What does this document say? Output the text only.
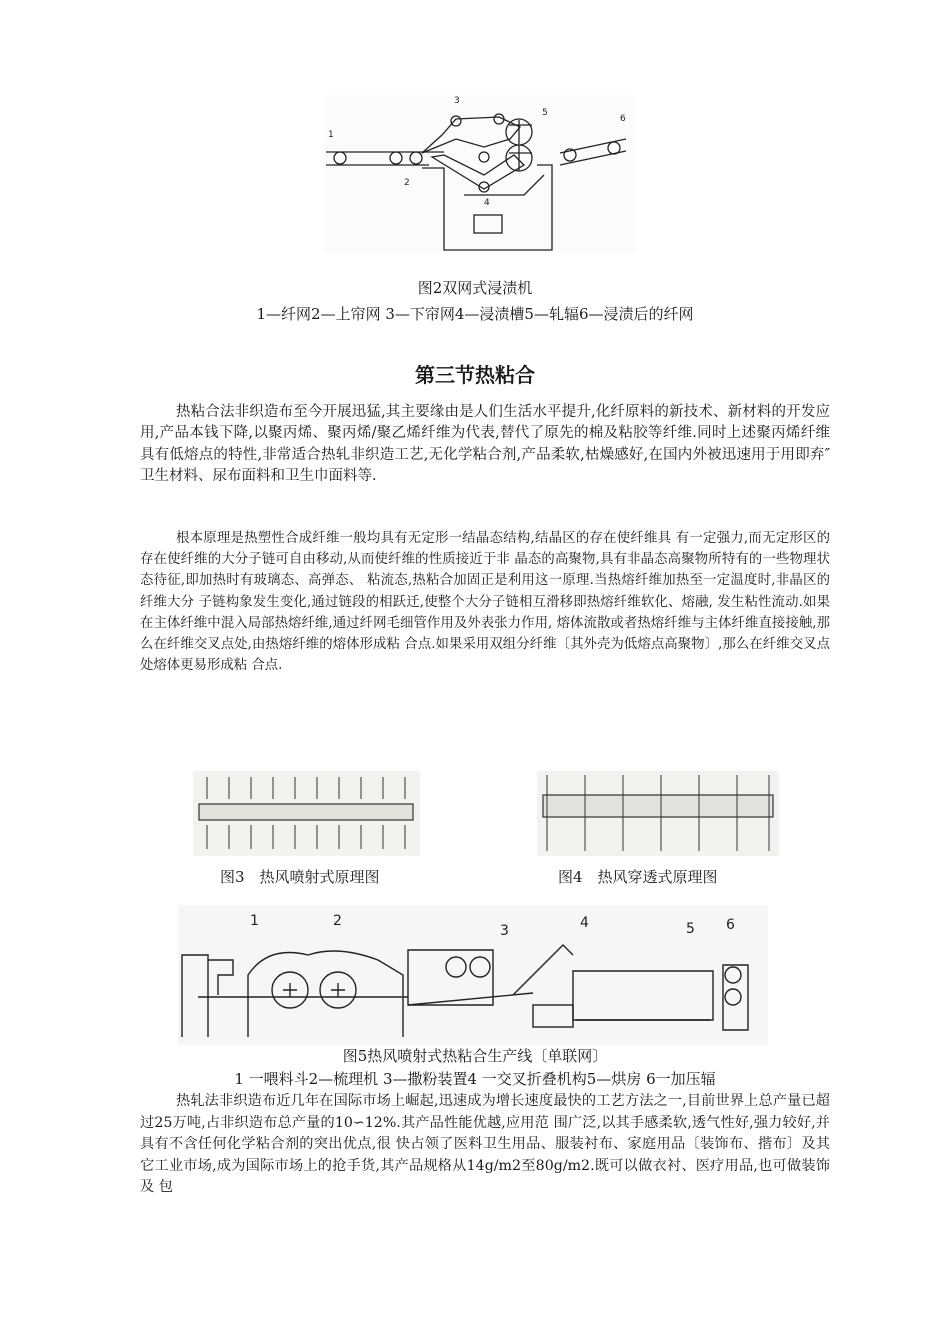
1
2
3
4
5
6
图2双网式浸渍机
1—纤网2—上帘网 3—下帘网4—浸渍槽5—轧辐6—浸渍后的纤网
第三节热粘合
热粘合法非织造布至今开展迅猛,其主要缘由是人们生活水平提升,化纤原料的新技术、新材料的开发应用,产品本钱下降,以聚丙烯、聚丙烯/聚乙烯纤维为代表,替代了原先的棉及粘胶等纤维.同时上述聚丙烯纤维具有低熔点的特性,非常适合热轧非织造工艺,无化学粘合剂,产品柔软,枯燥感好,在国内外被迅速用于用即弃″ 卫生材料、尿布面料和卫生巾面料等.
根本原理是热塑性合成纤维一般均具有无定形一结晶态结构,结晶区的存在使纤维具 有一定强力,而无定形区的存在使纤维的大分子链可自由移动,从而使纤维的性质接近于非 晶态的高聚物,具有非晶态高聚物所特有的一些物理状态待征,即加热时有玻璃态、高弹态、 粘流态,热粘合加固正是利用这一原理.当热熔纤维加热至一定温度时,非晶区的纤维大分 子链构象发生变化,通过链段的相跃迁,使整个大分子链相互滑移即热熔纤维软化、熔融, 发生粘性流动.如果在主体纤维中混入局部热熔纤维,通过纤网毛细管作用及外表张力作用, 熔体流散或者热熔纤维与主体纤维直接接触,那么在纤维交叉点处,由热熔纤维的熔体形成粘 合点.如果采用双组分纤维〔其外壳为低熔点高聚物〕,那么在纤维交叉点处熔体更易形成粘 合点.
图3　热风喷射式原理图	图4　热风穿透式原理图
1	2
3	4	5 6
图5热风喷射式热粘合生产线〔单联网〕
1 一喂料斗2—梳理机 3—撒粉装置4 一交叉折叠机构5—烘房 6一加压辐
热轧法非织造布近几年在国际市场上崛起,迅速成为增长速度最快的工艺方法之一,目前世界上总产量已超过25万吨,占非织造布总产量的10∽12%.其产品性能优越,应用范 围广泛,以其手感柔软,透气性好,强力较好,并具有不含任何化学粘合剂的突出优点,很 快占领了医料卫生用品、服装衬布、家庭用品〔装饰布、揩布〕及其它工业市场,成为国际市场上的抢手货,其产品规格从14g/m2至80g/m2.既可以做衣衬、医疗用品,也可做装饰及 包
